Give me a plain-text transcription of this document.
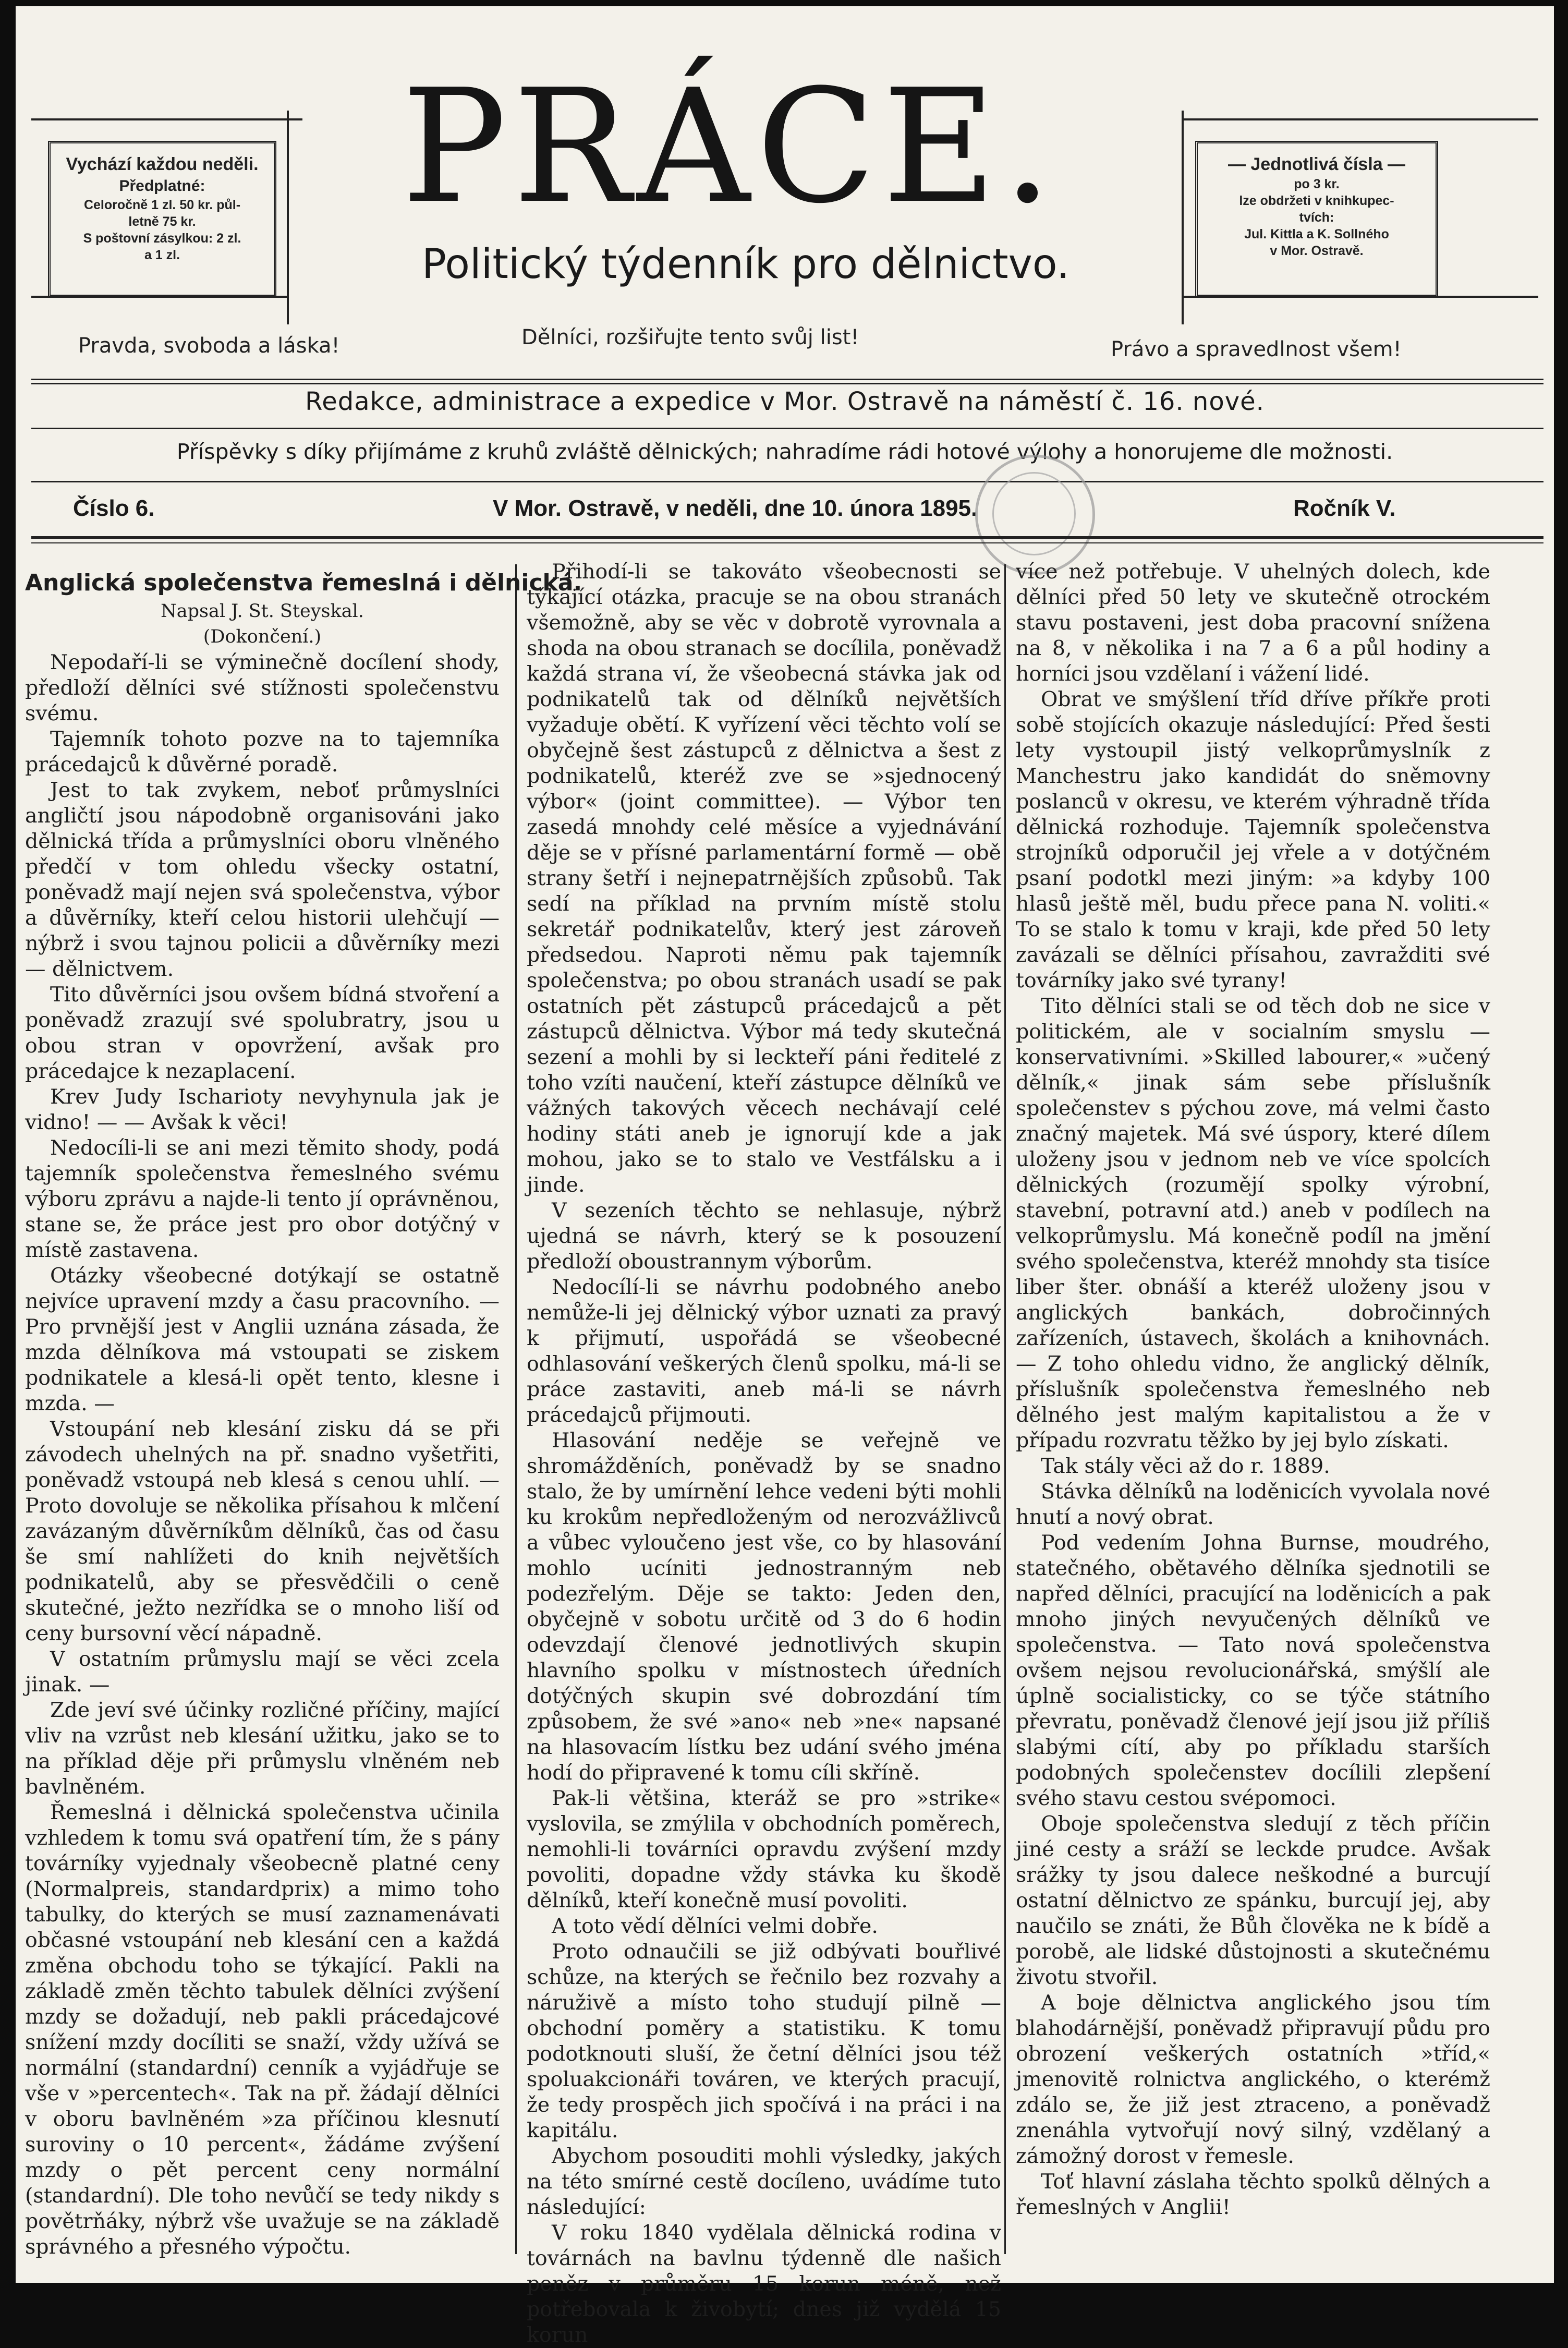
Vychází každou neděli.
Předplatné:
Celoročně 1 zl. 50 kr. půl-
letně 75 kr.
S poštovní zásylkou: 2 zl.
a 1 zl.
— Jednotlivá čísla —
po 3 kr.
lze obdržeti v knihkupec-
tvích:
Jul. Kittla a K. Sollného
v Mor. Ostravě.
PRÁCE.
Politický týdenník pro dělnictvo.
Pravda, svoboda a láska!	Dělníci, rozšiřujte tento svůj list!	Právo a spravedlnost všem!
Redakce, administrace a expedice v Mor. Ostravě na náměstí č. 16. nové.
Příspěvky s díky přijímáme z kruhů zvláště dělnických; nahradíme rádi hotové výlohy a honorujeme dle možnosti.
Číslo 6.	V Mor. Ostravě, v neděli, dne 10. února 1895.	Ročník V.

Anglická společenstva řemeslná i dělnická.

Napsal J. St. Steyskal.

(Dokončení.)

Nepodaří-li se výminečně docílení shody, předloží dělníci své stížnosti společenstvu svému.

Tajemník tohoto pozve na to tajemníka prácedajců k důvěrné poradě.

Jest to tak zvykem, neboť průmyslníci angličtí jsou nápodobně organisováni jako dělnická třída a průmyslníci oboru vlněného předčí v tom ohledu všecky ostatní, poněvadž mají nejen svá společenstva, výbor a důvěrníky, kteří celou historii ulehčují — nýbrž i svou tajnou policii a důvěrníky mezi — dělnictvem.

Tito důvěrníci jsou ovšem bídná stvoření a poněvadž zrazují své spolubratry, jsou u obou stran v opovržení, avšak pro prácedajce k nezaplacení.

Krev Judy Ischarioty nevyhynula jak je vidno! — — Avšak k věci!

Nedocíli-li se ani mezi těmito shody, podá tajemník společenstva řemeslného svému výboru zprávu a najde-li tento jí oprávněnou, stane se, že práce jest pro obor dotýčný v místě zastavena.

Otázky všeobecné dotýkají se ostatně nejvíce upravení mzdy a času pracovního. — Pro prvnější jest v Anglii uznána zásada, že mzda dělníkova má vstoupati se ziskem podnikatele a klesá-li opět tento, klesne i mzda. —

Vstoupání neb klesání zisku dá se při závodech uhelných na př. snadno vyšetřiti, poněvadž vstoupá neb klesá s cenou uhlí. — Proto dovoluje se několika přísahou k mlčení zavázaným důvěrníkům dělníků, čas od času še smí nahlížeti do knih největších podnikatelů, aby se přesvědčili o ceně skutečné, ježto nezřídka se o mnoho liší od ceny bursovní věcí nápadně.

V ostatním průmyslu mají se věci zcela jinak. —

Zde jeví své účinky rozličné příčiny, mající vliv na vzrůst neb klesání užitku, jako se to na příklad děje při průmyslu vlněném neb bavlněném.

Řemeslná i dělnická společenstva učinila vzhledem k tomu svá opatření tím, že s pány továrníky vyjednaly všeobecně platné ceny (Normalpreis, standardprix) a mimo toho tabulky, do kterých se musí zaznamenávati občasné vstoupání neb klesání cen a každá změna obchodu toho se týkající. Pakli na základě změn těchto tabulek dělníci zvýšení mzdy se dožadují, neb pakli prácedajcové snížení mzdy docíliti se snaží, vždy užívá se normální (standardní) cenník a vyjádřuje se vše v »percentech«. Tak na př. žádají dělníci v oboru bavlněném »za příčinou klesnutí suroviny o 10 percent«, žádáme zvýšení mzdy o pět percent ceny normální (standardní). Dle toho nevůčí se tedy nikdy s povětrňáky, nýbrž vše uvažuje se na základě správného a přesného výpočtu.

Přihodí-li se takováto všeobecnosti se týkající otázka, pracuje se na obou stranách všemožně, aby se věc v dobrotě vyrovnala a shoda na obou stranach se docílila, poněvadž každá strana ví, že všeobecná stávka jak od podnikatelů tak od dělníků největších vyžaduje obětí. K vyřízení věci těchto volí se obyčejně šest zástupců z dělnictva a šest z podnikatelů, kteréž zve se »sjednocený výbor« (joint committee). — Výbor ten zasedá mnohdy celé měsíce a vyjednávání děje se v přísné parlamentární formě — obě strany šetří i nejnepatrnějších způsobů. Tak sedí na příklad na prvním místě stolu sekretář podnikatelův, který jest zároveň předsedou. Naproti němu pak tajemník společenstva; po obou stranách usadí se pak ostatních pět zástupců prácedajců a pět zástupců dělnictva. Výbor má tedy skutečná sezení a mohli by si leckteří páni ředitelé z toho vzíti naučení, kteří zástupce dělníků ve vážných takových věcech nechávají celé hodiny státi aneb je ignorují kde a jak mohou, jako se to stalo ve Vestfálsku a i jinde.

V sezeních těchto se nehlasuje, nýbrž ujedná se návrh, který se k posouzení předloží oboustrannym výborům.

Nedocílí-li se návrhu podobného anebo nemůže-li jej dělnický výbor uznati za pravý k přijmutí, uspořádá se všeobecné odhlasování veškerých členů spolku, má-li se práce zastaviti, aneb má-li se návrh prácedajců přijmouti.

Hlasování neděje se veřejně ve shromážděních, poněvadž by se snadno stalo, že by umírnění lehce vedeni býti mohli ku krokům nepředloženým od nerozvážlivců a vůbec vyloučeno jest vše, co by hlasování mohlo ucíniti jednostranným neb podezřelým. Děje se takto: Jeden den, obyčejně v sobotu určitě od 3 do 6 hodin odevzdají členové jednotlivých skupin hlavního spolku v místnostech úředních dotýčných skupin své dobrozdání tím způsobem, že své »ano« neb »ne« napsané na hlasovacím lístku bez udání svého jména hodí do připravené k tomu cíli skříně.

Pak-li většina, kteráž se pro »strike« vyslovila, se zmýlila v obchodních poměrech, nemohli-li továrníci opravdu zvýšení mzdy povoliti, dopadne vždy stávka ku škodě dělníků, kteří konečně musí povoliti.

A toto vědí dělníci velmi dobře.

Proto odnaučili se již odbývati bouřlivé schůze, na kterých se řečnilo bez rozvahy a náruživě a místo toho studují pilně — obchodní poměry a statistiku. K tomu podotknouti sluší, že četní dělníci jsou též spoluakcionáři továren, ve kterých pracují, že tedy prospěch jich spočívá i na práci i na kapitálu.

Abychom posouditi mohli výsledky, jakých na této smírné cestě docíleno, uvádíme tuto následující:

V roku 1840 vydělala dělnická rodina v továrnách na bavlnu týdenně dle našich peněz v průměru 15 korun méně, než potřebovala k živobytí; dnes již vydělá 15 korun

více než potřebuje. V uhelných dolech, kde dělníci před 50 lety ve skutečně otrockém stavu postaveni, jest doba pracovní snížena na 8, v několika i na 7 a 6 a půl hodiny a horníci jsou vzdělaní i vážení lidé.

Obrat ve smýšlení tříd dříve příkře proti sobě stojících okazuje následující: Před šesti lety vystoupil jistý velkoprůmyslník z Manchestru jako kandidát do sněmovny poslanců v okresu, ve kterém výhradně třída dělnická rozhoduje. Tajemník společenstva strojníků odporučil jej vřele a v dotýčném psaní podotkl mezi jiným: »a kdyby 100 hlasů ještě měl, budu přece pana N. voliti.« To se stalo k tomu v kraji, kde před 50 lety zavázali se dělníci přísahou, zavražditi své továrníky jako své tyrany!

Tito dělníci stali se od těch dob ne sice v politickém, ale v socialním smyslu — konservativními. »Skilled labourer,« »učený dělník,« jinak sám sebe příslušník společenstev s pýchou zove, má velmi často značný majetek. Má své úspory, které dílem uloženy jsou v jednom neb ve více spolcích dělnických (rozumějí spolky výrobní, stavební, potravní atd.) aneb v podílech na velkoprůmyslu. Má konečně podíl na jmění svého společenstva, kteréž mnohdy sta tisíce liber šter. obnáší a kteréž uloženy jsou v anglických bankách, dobročinných zařízeních, ústavech, školách a knihovnách. — Z toho ohledu vidno, že anglický dělník, příslušník společenstva řemeslného neb dělného jest malým kapitalistou a že v případu rozvratu těžko by jej bylo získati.

Tak stály věci až do r. 1889.

Stávka dělníků na loděnicích vyvolala nové hnutí a nový obrat.

Pod vedením Johna Burnse, moudrého, statečného, obětavého dělníka sjednotili se napřed dělníci, pracující na loděnicích a pak mnoho jiných nevyučených dělníků ve společenstva. — Tato nová společenstva ovšem nejsou revolucionářská, smýšlí ale úplně socialisticky, co se týče státního převratu, poněvadž členové její jsou již příliš slabými cítí, aby po příkladu starších podobných společenstev docílili zlepšení svého stavu cestou svépomoci.

Oboje společenstva sledují z těch příčin jiné cesty a sráží se leckde prudce. Avšak srážky ty jsou dalece neškodné a burcují ostatní dělnictvo ze spánku, burcují jej, aby naučilo se znáti, že Bůh člověka ne k bídě a porobě, ale lidské důstojnosti a skutečnému životu stvořil.

A boje dělnictva anglického jsou tím blahodárnější, poněvadž připravují půdu pro obrození veškerých ostatních »tříd,« jmenovitě rolnictva anglického, o kterémž zdálo se, že již jest ztraceno, a poněvadž znenáhla vytvořují nový silný, vzdělaný a zámožný dorost v řemesle.

Toť hlavní záslaha těchto spolků dělných a řemeslných v Anglii!
